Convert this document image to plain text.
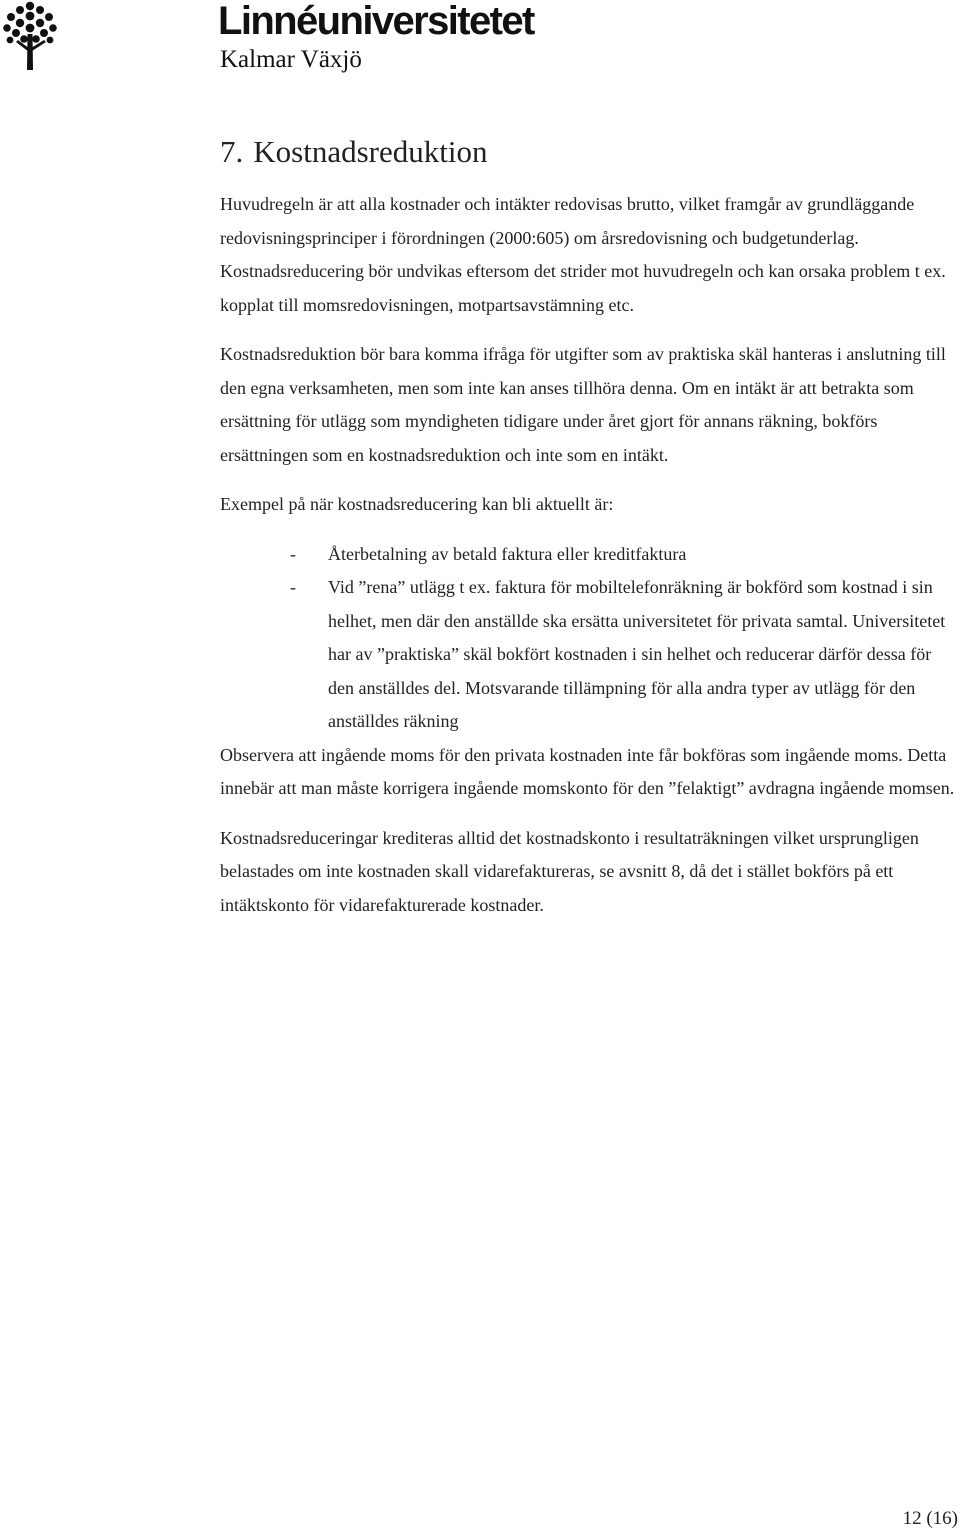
Linnéuniversitetet
Kalmar Växjö
7. Kostnadsreduktion

Huvudregeln är att alla kostnader och intäkter redovisas brutto, vilket framgår av grundläggande redovisningsprinciper i förordningen (2000:605) om årsredovisning och budgetunderlag. Kostnadsreducering bör undvikas eftersom det strider mot huvudregeln och kan orsaka problem t ex. kopplat till momsredovisningen, motpartsavstämning etc.

Kostnadsreduktion bör bara komma ifråga för utgifter som av praktiska skäl hanteras i anslutning till den egna verksamheten, men som inte kan anses tillhöra denna. Om en intäkt är att betrakta som ersättning för utlägg som myndigheten tidigare under året gjort för annans räkning, bokförs ersättningen som en kostnadsreduktion och inte som en intäkt.

Exempel på när kostnadsreducering kan bli aktuellt är:

- Återbetalning av betald faktura eller kreditfaktura
- Vid ”rena” utlägg t ex. faktura för mobiltelefonräkning är bokförd som kostnad i sin helhet, men där den anställde ska ersätta universitetet för privata samtal. Universitetet har av ”praktiska” skäl bokfört kostnaden i sin helhet och reducerar därför dessa för den anställdes del. Motsvarande tillämpning för alla andra typer av utlägg för den anställdes räkning

Observera att ingående moms för den privata kostnaden inte får bokföras som ingående moms. Detta innebär att man måste korrigera ingående momskonto för den ”felaktigt” avdragna ingående momsen.

Kostnadsreduceringar krediteras alltid det kostnadskonto i resultaträkningen vilket ursprungligen belastades om inte kostnaden skall vidarefaktureras, se avsnitt 8, då det i stället bokförs på ett intäktskonto för vidarefakturerade kostnader.

12 (16)
